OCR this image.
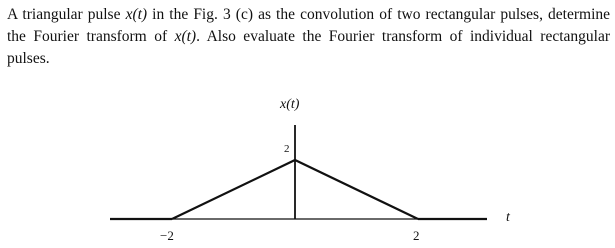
A triangular pulse x(t) in the Fig. 3 (c) as the convolution of two rectangular pulses, determine the Fourier transform of x(t). Also evaluate the Fourier transform of individual rectangular pulses.

x(t)
2
t
−2	2
